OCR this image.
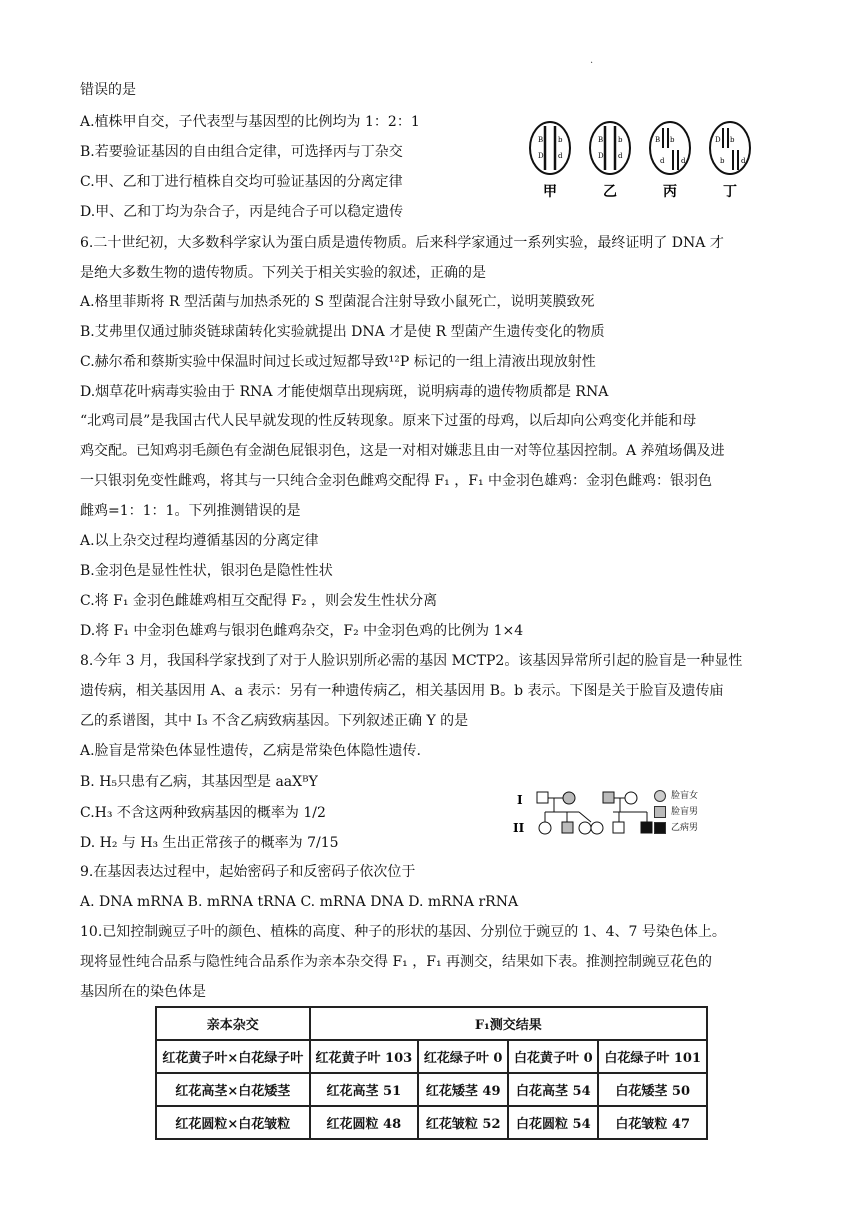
·
错误的是
A.植株甲自交，子代表型与基因型的比例均为 1：2：1
B.若要验证基因的自由组合定律，可选择丙与丁杂交
C.甲、乙和丁进行植株自交均可验证基因的分离定律
D.甲、乙和丁均为杂合子，丙是纯合子可以稳定遗传
6.二十世纪初，大多数科学家认为蛋白质是遗传物质。后来科学家通过一系列实验，最终证明了 DNA 才
是绝大多数生物的遗传物质。下列关于相关实验的叙述，正确的是
A.格里菲斯将 R 型活菌与加热杀死的 S 型菌混合注射导致小鼠死亡，说明荚膜致死
B.艾弗里仅通过肺炎链球菌转化实验就提出 DNA 才是使 R 型菌产生遗传变化的物质
C.赫尔希和蔡斯实验中保温时间过长或过短都导致¹²P 标记的一组上清液出现放射性
D.烟草花叶病毒实验由于 RNA 才能使烟草出现病斑，说明病毒的遗传物质都是 RNA
“北鸡司晨”是我国古代人民早就发现的性反转现象。原来下过蛋的母鸡，以后却向公鸡变化并能和母
鸡交配。已知鸡羽毛颜色有金湖色屁银羽色，这是一对相对嫌悲且由一对等位基因控制。A 养殖场偶及进
一只银羽免变性雌鸡，将其与一只纯合金羽色雌鸡交配得 F₁ ，F₁ 中金羽色雄鸡：金羽色雌鸡：银羽色
雌鸡=1：1：1。下列推测错误的是
A.以上杂交过程均遵循基因的分离定律
B.金羽色是显性性状，银羽色是隐性性状
C.将 F₁ 金羽色雌雄鸡相互交配得 F₂ ，则会发生性状分离
D.将 F₁ 中金羽色雄鸡与银羽色雌鸡杂交，F₂ 中金羽色鸡的比例为 1×4
8.今年 3 月，我国科学家找到了对于人脸识别所必需的基因 MCTP2。该基因异常所引起的脸盲是一种显性
遗传病，相关基因用 A、a 表示：另有一种遗传病乙，相关基因用 B。b 表示。下图是关于脸盲及遗传庙
乙的系谱图，其中 I₃ 不含乙病致病基因。下列叙述正确 Y 的是
A.脸盲是常染色体显性遗传，乙病是常染色体隐性遗传.
B. H₅只患有乙病，其基因型是 aaXᴮY
C.H₃ 不含这两种致病基因的概率为 1/2
D. H₂ 与 H₃ 生出正常孩子的概率为 7/15
9.在基因表达过程中，起始密码子和反密码子依次位于
A. DNA mRNA B. mRNA tRNA C. mRNA DNA D. mRNA rRNA
10.已知控制豌豆子叶的颜色、植株的高度、种子的形状的基因、分别位于豌豆的 1、4、7 号染色体上。
现将显性纯合品系与隐性纯合品系作为亲本杂交得 F₁ ，F₁ 再测交，结果如下表。推测控制豌豆花色的
基因所在的染色体是
B b
D d
B b
D d
B b
d d
D b
b d
甲	乙	丙	丁
I
II
脸盲女
脸盲男
乙病男
亲本杂交	F₁测交结果			
红花黄子叶×白花绿子叶	红花黄子叶 103	红花绿子叶 0	白花黄子叶 0	白花绿子叶 101
红花高茎×白花矮茎	红花高茎 51	红花矮茎 49	白花高茎 54	白花矮茎 50
红花圆粒×白花皱粒	红花圆粒 48	红花皱粒 52	白花圆粒 54	白花皱粒 47
